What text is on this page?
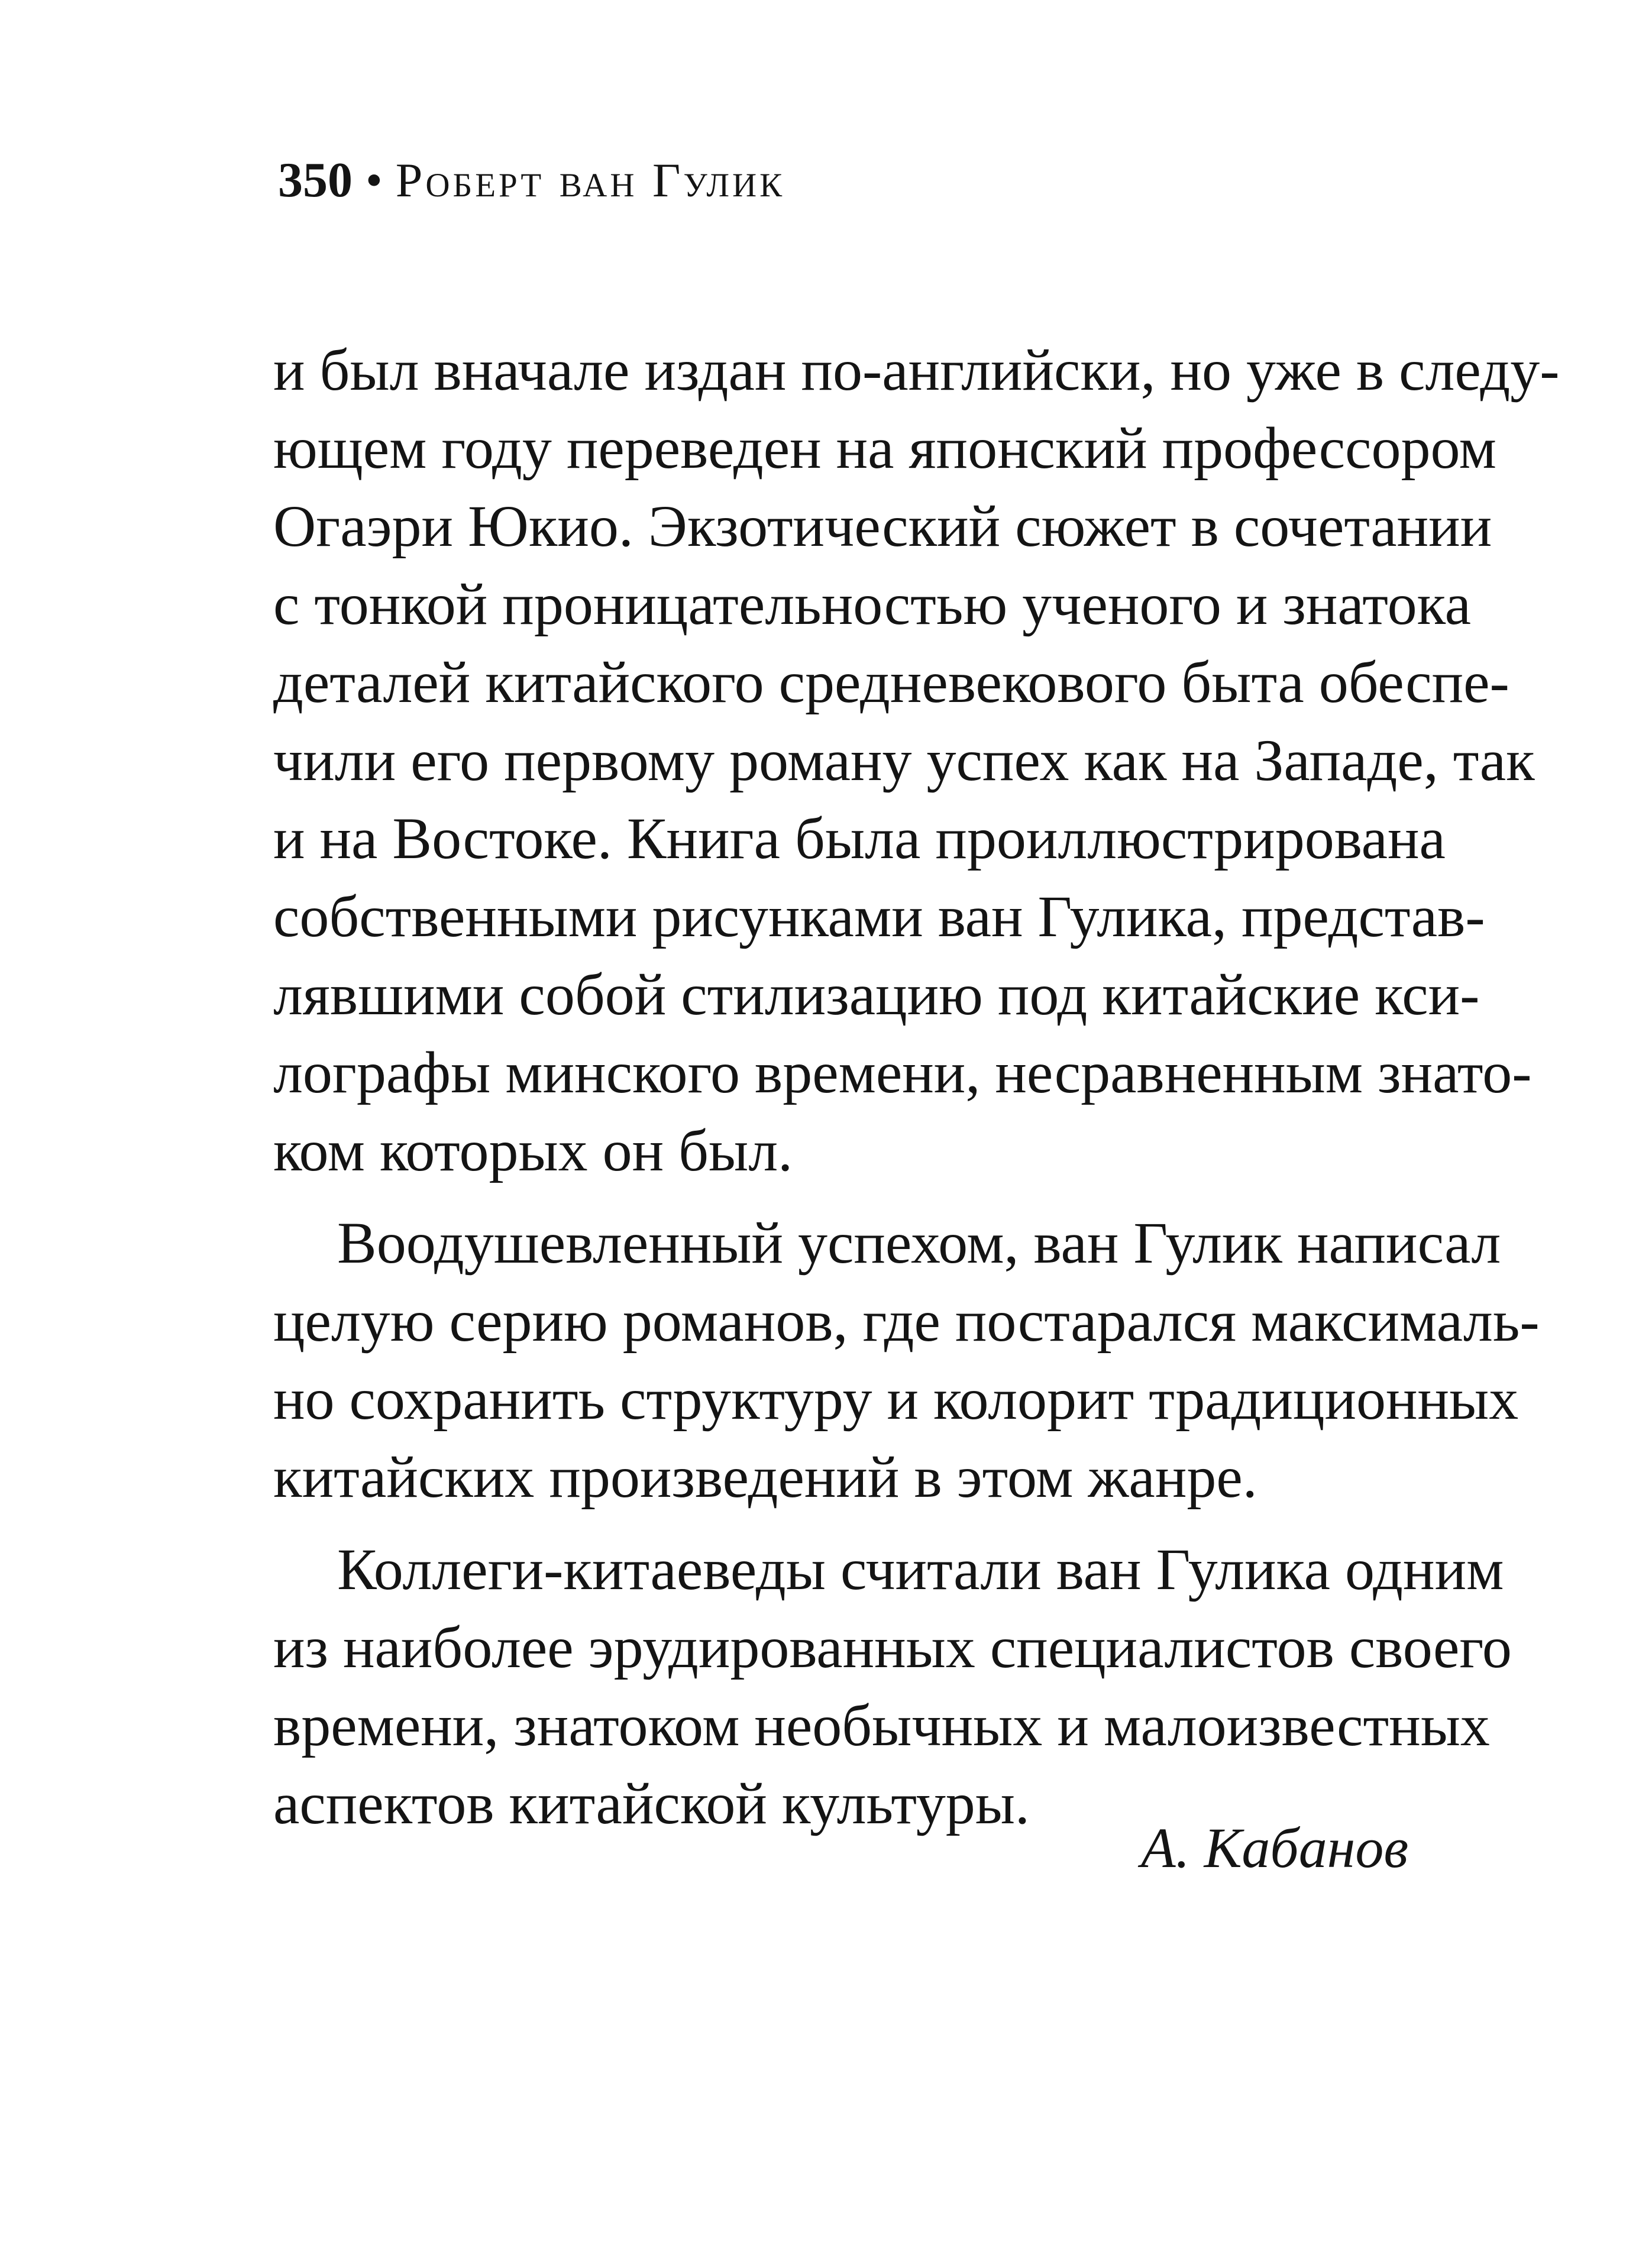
350 • Роберт ван Гулик
и был вначале издан по-английски, но уже в следу-
ющем году переведен на японский профессором
Огаэри Юкио. Экзотический сюжет в сочетании
с тонкой проницательностью ученого и знатока
деталей китайского средневекового быта обеспе-
чили его первому роману успех как на Западе, так
и на Востоке. Книга была проиллюстрирована
собственными рисунками ван Гулика, представ-
лявшими собой стилизацию под китайские кси-
лографы минского времени, несравненным знато-
ком которых он был.
Воодушевленный успехом, ван Гулик написал
целую серию романов, где постарался максималь-
но сохранить структуру и колорит традиционных
китайских произведений в этом жанре.
Коллеги-китаеведы считали ван Гулика одним
из наиболее эрудированных специалистов своего
времени, знатоком необычных и малоизвестных
аспектов китайской культуры.
А. Кабанов
